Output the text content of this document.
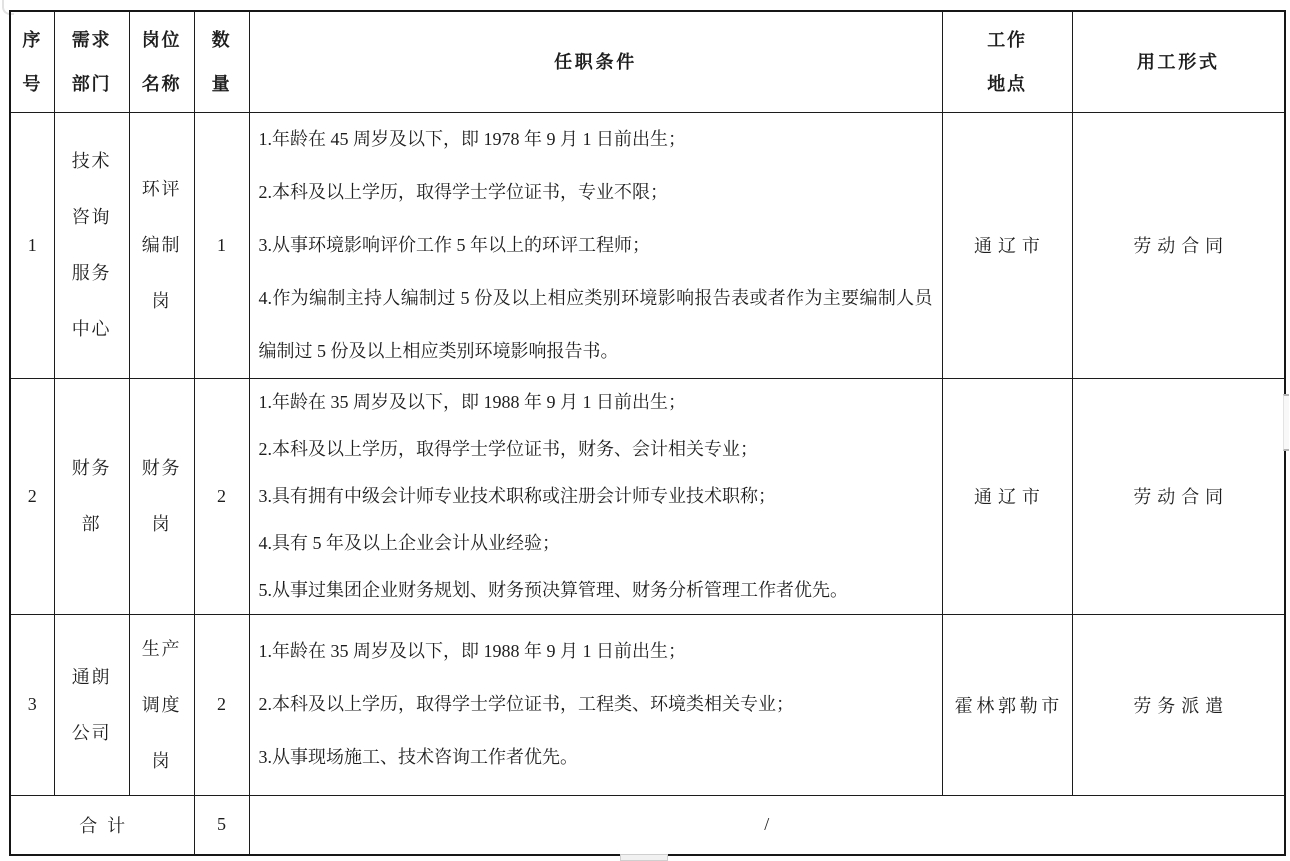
序号	需求部门	岗位名称	数量	任职条件	工作地点	用工形式
1	技术咨询服务中心	环评编制岗	1	1.年龄在 45 周岁及以下，即 1978 年 9 月 1 日前出生；
2.本科及以上学历，取得学士学位证书，专业不限；
3.从事环境影响评价工作 5 年以上的环评工程师；
4.作为编制主持人编制过 5 份及以上相应类别环境影响报告表或者作为主要编制人员编制过 5 份及以上相应类别环境影响报告书。	通辽市	劳动合同
2	财务部	财务岗	2	1.年龄在 35 周岁及以下，即 1988 年 9 月 1 日前出生；
2.本科及以上学历，取得学士学位证书，财务、会计相关专业；
3.具有拥有中级会计师专业技术职称或注册会计师专业技术职称；
4.具有 5 年及以上企业会计从业经验；
5.从事过集团企业财务规划、财务预决算管理、财务分析管理工作者优先。	通辽市	劳动合同
3	通朗公司	生产调度岗	2	1.年龄在 35 周岁及以下，即 1988 年 9 月 1 日前出生；
2.本科及以上学历，取得学士学位证书，工程类、环境类相关专业；
3.从事现场施工、技术咨询工作者优先。	霍林郭勒市	劳务派遣
合计			5	/		
